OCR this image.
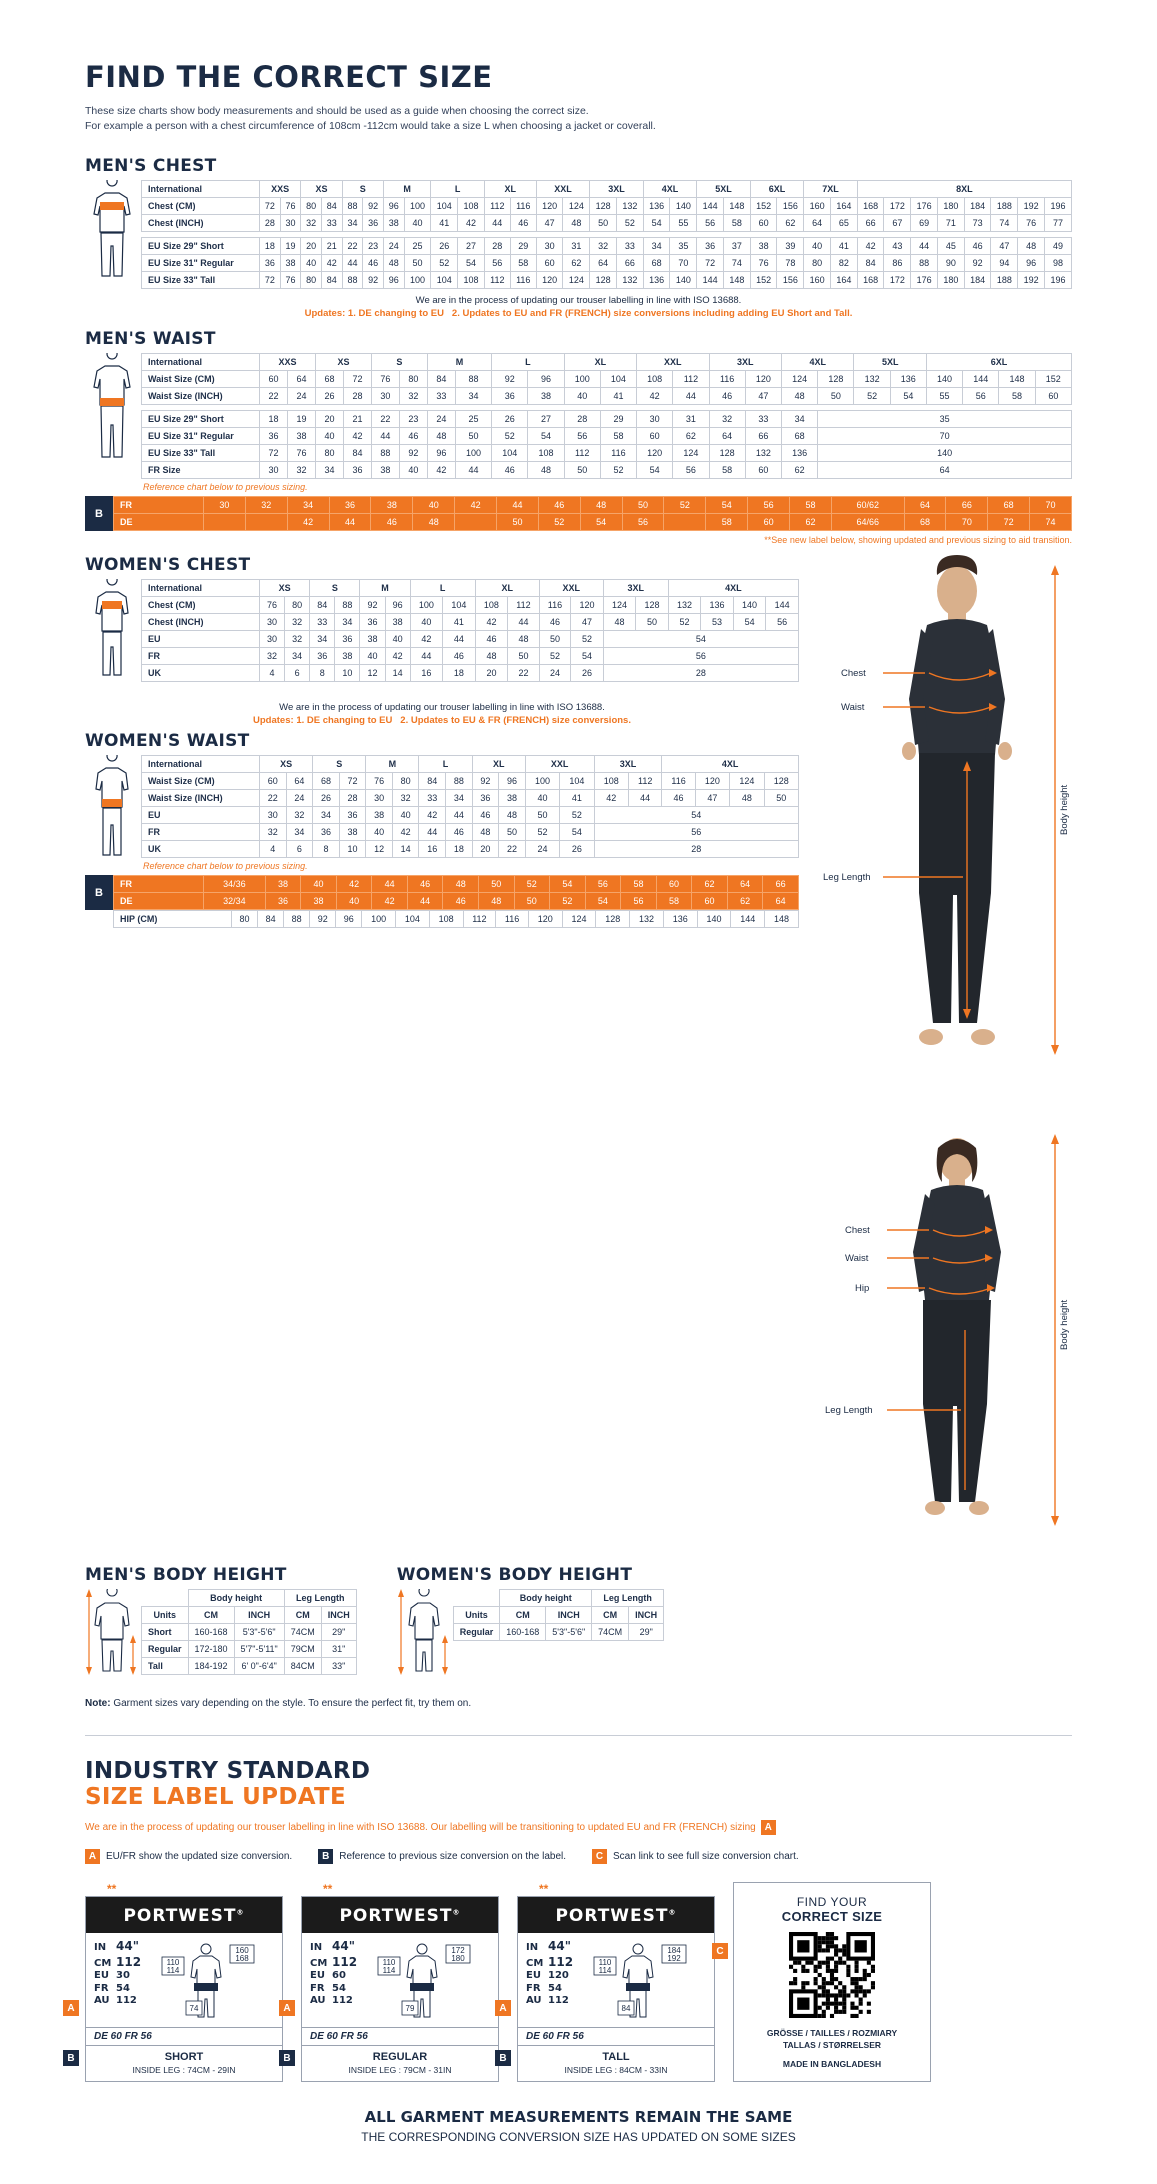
FIND THE CORRECT SIZE
These size charts show body measurements and should be used as a guide when choosing the correct size.
For example a person with a chest circumference of 108cm -112cm would take a size L when choosing a jacket or coverall.
MEN'S CHEST
International	XXS		XS		S		M		L		XL		XXL		3XL		4XL		5XL		6XL		7XL		8XL							
Chest (CM)	72	76	80	84	88	92	96	100	104	108	112	116	120	124	128	132	136	140	144	148	152	156	160	164	168	172	176	180	184	188	192	196
Chest (INCH)	28	30	32	33	34	36	38	40	41	42	44	46	47	48	50	52	54	55	56	58	60	62	64	65	66	67	69	71	73	74	76	77

EU Size 29" Short	18	19	20	21	22	23	24	25	26	27	28	29	30	31	32	33	34	35	36	37	38	39	40	41	42	43	44	45	46	47	48	49
EU Size 31" Regular	36	38	40	42	44	46	48	50	52	54	56	58	60	62	64	66	68	70	72	74	76	78	80	82	84	86	88	90	92	94	96	98
EU Size 33" Tall	72	76	80	84	88	92	96	100	104	108	112	116	120	124	128	132	136	140	144	148	152	156	160	164	168	172	176	180	184	188	192	196
We are in the process of updating our trouser labelling in line with ISO 13688.
Updates: 1. DE changing to EU 2. Updates to EU and FR (FRENCH) size conversions including adding EU Short and Tall.
MEN'S WAIST
International	XXS		XS		S		M		L		XL		XXL		3XL		4XL		5XL		6XL			
Waist Size (CM)	60	64	68	72	76	80	84	88	92	96	100	104	108	112	116	120	124	128	132	136	140	144	148	152
Waist Size (INCH)	22	24	26	28	30	32	33	34	36	38	40	41	42	44	46	47	48	50	52	54	55	56	58	60

EU Size 29" Short	18	19	20	21	22	23	24	25	26	27	28	29	30	31	32	33	34	35						
EU Size 31" Regular	36	38	40	42	44	46	48	50	52	54	56	58	60	62	64	66	68	70						
EU Size 33" Tall	72	76	80	84	88	92	96	100	104	108	112	116	120	124	128	132	136	140						
FR Size	30	32	34	36	38	40	42	44	46	48	50	52	54	56	58	60	62	64						
Reference chart below to previous sizing.
B
FR	30	32	34	36	38	40	42	44	46	48	50	52	54	56	58	60/62	64	66	68	70
DE			42	44	46	48		50	52	54	56		58	60	62	64/66	68	70	72	74
**See new label below, showing updated and previous sizing to aid transition.
WOMEN'S CHEST
International	XS		S		M		L		XL		XXL		3XL		4XL			
Chest (CM)	76	80	84	88	92	96	100	104	108	112	116	120	124	128	132	136	140	144
Chest (INCH)	30	32	33	34	36	38	40	41	42	44	46	47	48	50	52	53	54	56
EU	30	32	34	36	38	40	42	44	46	48	50	52	54					
FR	32	34	36	38	40	42	44	46	48	50	52	54	56					
UK	4	6	8	10	12	14	16	18	20	22	24	26	28					
We are in the process of updating our trouser labelling in line with ISO 13688.
Updates: 1. DE changing to EU 2. Updates to EU & FR (FRENCH) size conversions.
WOMEN'S WAIST
International	XS		S		M		L		XL		XXL		3XL		4XL			
Waist Size (CM)	60	64	68	72	76	80	84	88	92	96	100	104	108	112	116	120	124	128
Waist Size (INCH)	22	24	26	28	30	32	33	34	36	38	40	41	42	44	46	47	48	50
EU	30	32	34	36	38	40	42	44	46	48	50	52	54					
FR	32	34	36	38	40	42	44	46	48	50	52	54	56					
UK	4	6	8	10	12	14	16	18	20	22	24	26	28					
Reference chart below to previous sizing.
B
FR	34/36	38	40	42	44	46	48	50	52	54	56	58	60	62	64	66
DE	32/34	36	38	40	42	44	46	48	50	52	54	56	58	60	62	64
HIP (CM)	80	84	88	92	96	100	104	108	112	116	120	124	128	132	136	140	144	148
Chest
Waist
Leg Length
Body height

Chest
Waist
Hip
Leg Length
Body height
MEN'S BODY HEIGHT
	Body height		Leg Length	
Units	CM	INCH	CM	INCH
Short	160-168	5'3"-5'6"	74CM	29"
Regular	172-180	5'7"-5'11"	79CM	31"
Tall	184-192	6' 0"-6'4"	84CM	33"
WOMEN'S BODY HEIGHT
	Body height		Leg Length	
Units	CM	INCH	CM	INCH
Regular	160-168	5'3"-5'6"	74CM	29"
Note: Garment sizes vary depending on the style. To ensure the perfect fit, try them on.
INDUSTRY STANDARD
SIZE LABEL UPDATE
We are in the process of updating our trouser labelling in line with ISO 13688. Our labelling will be transitioning to updated EU and FR (FRENCH) sizing A
A EU/FR show the updated size conversion.	B Reference to previous size conversion on the label.	C Scan link to see full size conversion chart.
**
PORTWEST®
IN 44"
CM 112
EU 30
FR 54
AU 112
110
114
160
168
74
DE 60 FR 56
SHORT
INSIDE LEG : 74CM - 29IN
A
B
**
PORTWEST®
IN 44"
CM 112
EU 60
FR 54
AU 112
110
114
172
180
79
DE 60 FR 56
REGULAR
INSIDE LEG : 79CM - 31IN
A
B
**
PORTWEST®
IN 44"
CM 112
EU 120
FR 54
AU 112
110
114
184
192
84
DE 60 FR 56
TALL
INSIDE LEG : 84CM - 33IN
A
B
C
FIND YOUR
CORRECT SIZE
GRÖSSE / TAILLES / ROZMIARY
TALLAS / STØRRELSER
MADE IN BANGLADESH
ALL GARMENT MEASUREMENTS REMAIN THE SAME
THE CORRESPONDING CONVERSION SIZE HAS UPDATED ON SOME SIZES
